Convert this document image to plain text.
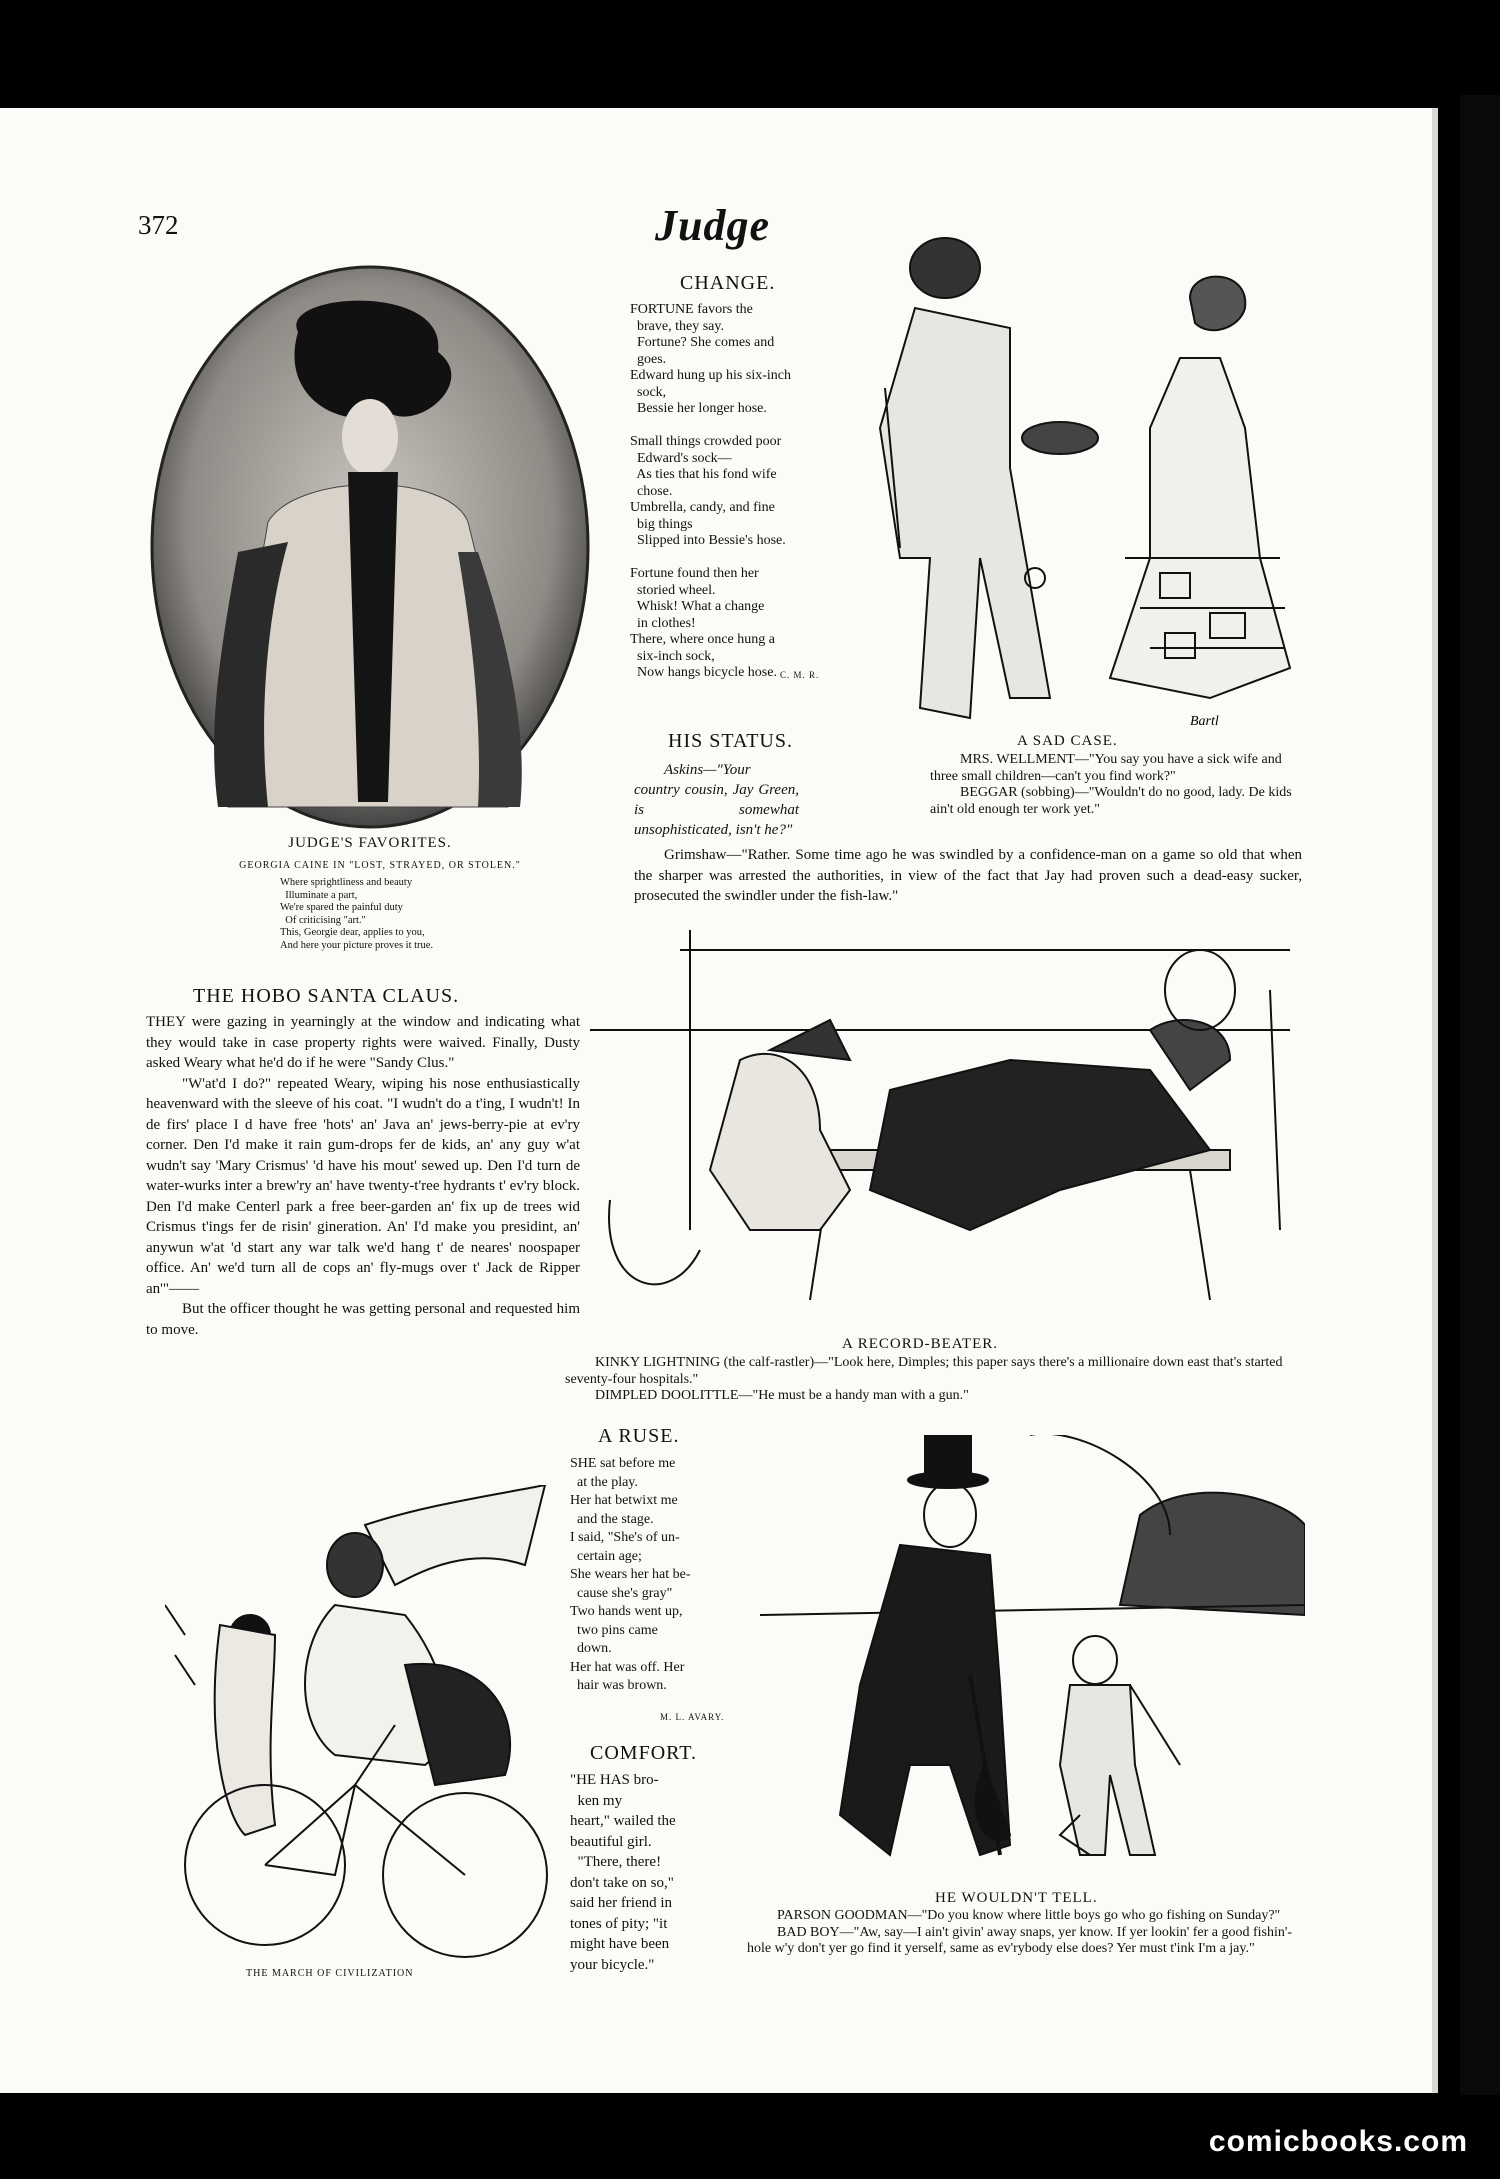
372	Judge
JUDGE'S FAVORITES.
GEORGIA CAINE IN "LOST, STRAYED, OR STOLEN."
Where sprightliness and beauty
Illuminate a part,
We're spared the painful duty
Of criticising "art."
This, Georgie dear, applies to you,
And here your picture proves it true.
CHANGE.
FORTUNE favors the
brave, they say.
Fortune? She comes and
goes.
Edward hung up his six-inch
sock,
Bessie her longer hose.

Small things crowded poor
Edward's sock—
As ties that his fond wife
chose.
Umbrella, candy, and fine
big things
Slipped into Bessie's hose.

Fortune found then her
storied wheel.
Whisk! What a change
in clothes!
There, where once hung a
six-inch sock,
Now hangs bicycle hose. C. M. R.
Bartl
A SAD CASE.

MRS. WELLMENT—"You say you have a sick wife and three small children—can't you find work?"

BEGGAR (sobbing)—"Wouldn't do no good, lady. De kids ain't old enough ter work yet."

HIS STATUS.

Askins—"Your country cousin, Jay Green, is somewhat unsophisticated, isn't he?"

Grimshaw—"Rather. Some time ago he was swindled by a confidence-man on a game so old that when the sharper was arrested the authorities, in view of the fact that Jay had proven such a dead-easy sucker, prosecuted the swindler under the fish-law."

A RECORD-BEATER.

KINKY LIGHTNING (the calf-rastler)—"Look here, Dimples; this paper says there's a millionaire down east that's started seventy-four hospitals."

DIMPLED DOOLITTLE—"He must be a handy man with a gun."

THE HOBO SANTA CLAUS.

THEY were gazing in yearningly at the window and indicating what they would take in case property rights were waived. Finally, Dusty asked Weary what he'd do if he were "Sandy Clus."

"W'at'd I do?" repeated Weary, wiping his nose enthusiastically heavenward with the sleeve of his coat. "I wudn't do a t'ing, I wudn't! In de firs' place I d have free 'hots' an' Java an' jews-berry-pie at ev'ry corner. Den I'd make it rain gum-drops fer de kids, an' any guy w'at wudn't say 'Mary Crismus' 'd have his mout' sewed up. Den I'd turn de water-wurks inter a brew'ry an' have twenty-t'ree hydrants t' ev'ry block. Den I'd make Centerl park a free beer-garden an' fix up de trees wid Crismus t'ings fer de risin' gineration. An' I'd make you presidint, an' anywun w'at 'd start any war talk we'd hang t' de neares' noospaper office. An' we'd turn all de cops an' fly-mugs over t' Jack de Ripper an'"——

But the officer thought he was getting personal and requested him to move.

THE MARCH OF CIVILIZATION
A RUSE.
SHE sat before me
at the play.
Her hat betwixt me
and the stage.
I said, "She's of un-
certain age;
She wears her hat be-
cause she's gray"
Two hands went up,
two pins came
down.
Her hat was off. Her
hair was brown.
M. L. AVARY.
COMFORT.
"HE HAS bro-
ken my
heart," wailed the
beautiful girl.
"There, there!
don't take on so,"
said her friend in
tones of pity; "it
might have been
your bicycle."
HE WOULDN'T TELL.

PARSON GOODMAN—"Do you know where little boys go who go fishing on Sunday?"

BAD BOY—"Aw, say—I ain't givin' away snaps, yer know. If yer lookin' fer a good fishin'-hole w'y don't yer go find it yerself, same as ev'rybody else does? Yer must t'ink I'm a jay."

comicbooks.com
